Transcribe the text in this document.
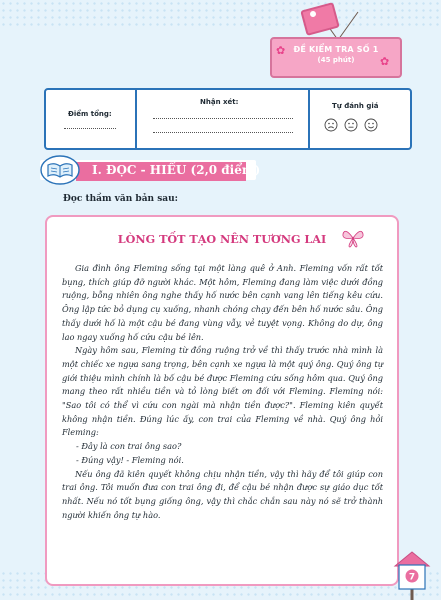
ĐỀ KIỂM TRA SỐ 1
(45 phút)
✿
✿
Điểm tổng:
Nhận xét:	Tự đánh giá
I. ĐỌC - HIỂU (2,0 điểm)
Đọc thầm văn bản sau:
LÒNG TỐT TẠO NÊN TƯƠNG LAI

Gia đình ông Fleming sống tại một làng quê ở Anh. Fleming vốn rất tốt bụng, thích giúp đỡ người khác. Một hôm, Fleming đang làm việc dưới đồng ruộng, bỗng nhiên ông nghe thấy hố nước bên cạnh vang lên tiếng kêu cứu. Ông lập tức bỏ dụng cụ xuống, nhanh chóng chạy đến bên hố nước sâu. Ông thấy dưới hố là một cậu bé đang vùng vẫy, vẻ tuyệt vọng. Không do dự, ông lao ngay xuống hố cứu cậu bé lên.

Ngày hôm sau, Fleming từ đồng ruộng trở về thì thấy trước nhà mình là một chiếc xe ngựa sang trọng, bên cạnh xe ngựa là một quý ông. Quý ông tự giới thiệu mình chính là bố cậu bé được Fleming cứu sống hôm qua. Quý ông mang theo rất nhiều tiền và tỏ lòng biết ơn đối với Fleming. Fleming nói: "Sao tôi có thể vì cứu con ngài mà nhận tiền được?". Fleming kiên quyết không nhận tiền. Đúng lúc ấy, con trai của Fleming về nhà. Quý ông hỏi Fleming:

- Đây là con trai ông sao?

- Đúng vậy! - Fleming nói.

Nếu ông đã kiên quyết không chịu nhận tiền, vậy thì hãy để tôi giúp con trai ông. Tôi muốn đưa con trai ông đi, để cậu bé nhận được sự giáo dục tốt nhất. Nếu nó tốt bụng giống ông, vậy thì chắc chắn sau này nó sẽ trở thành người khiến ông tự hào.

7
